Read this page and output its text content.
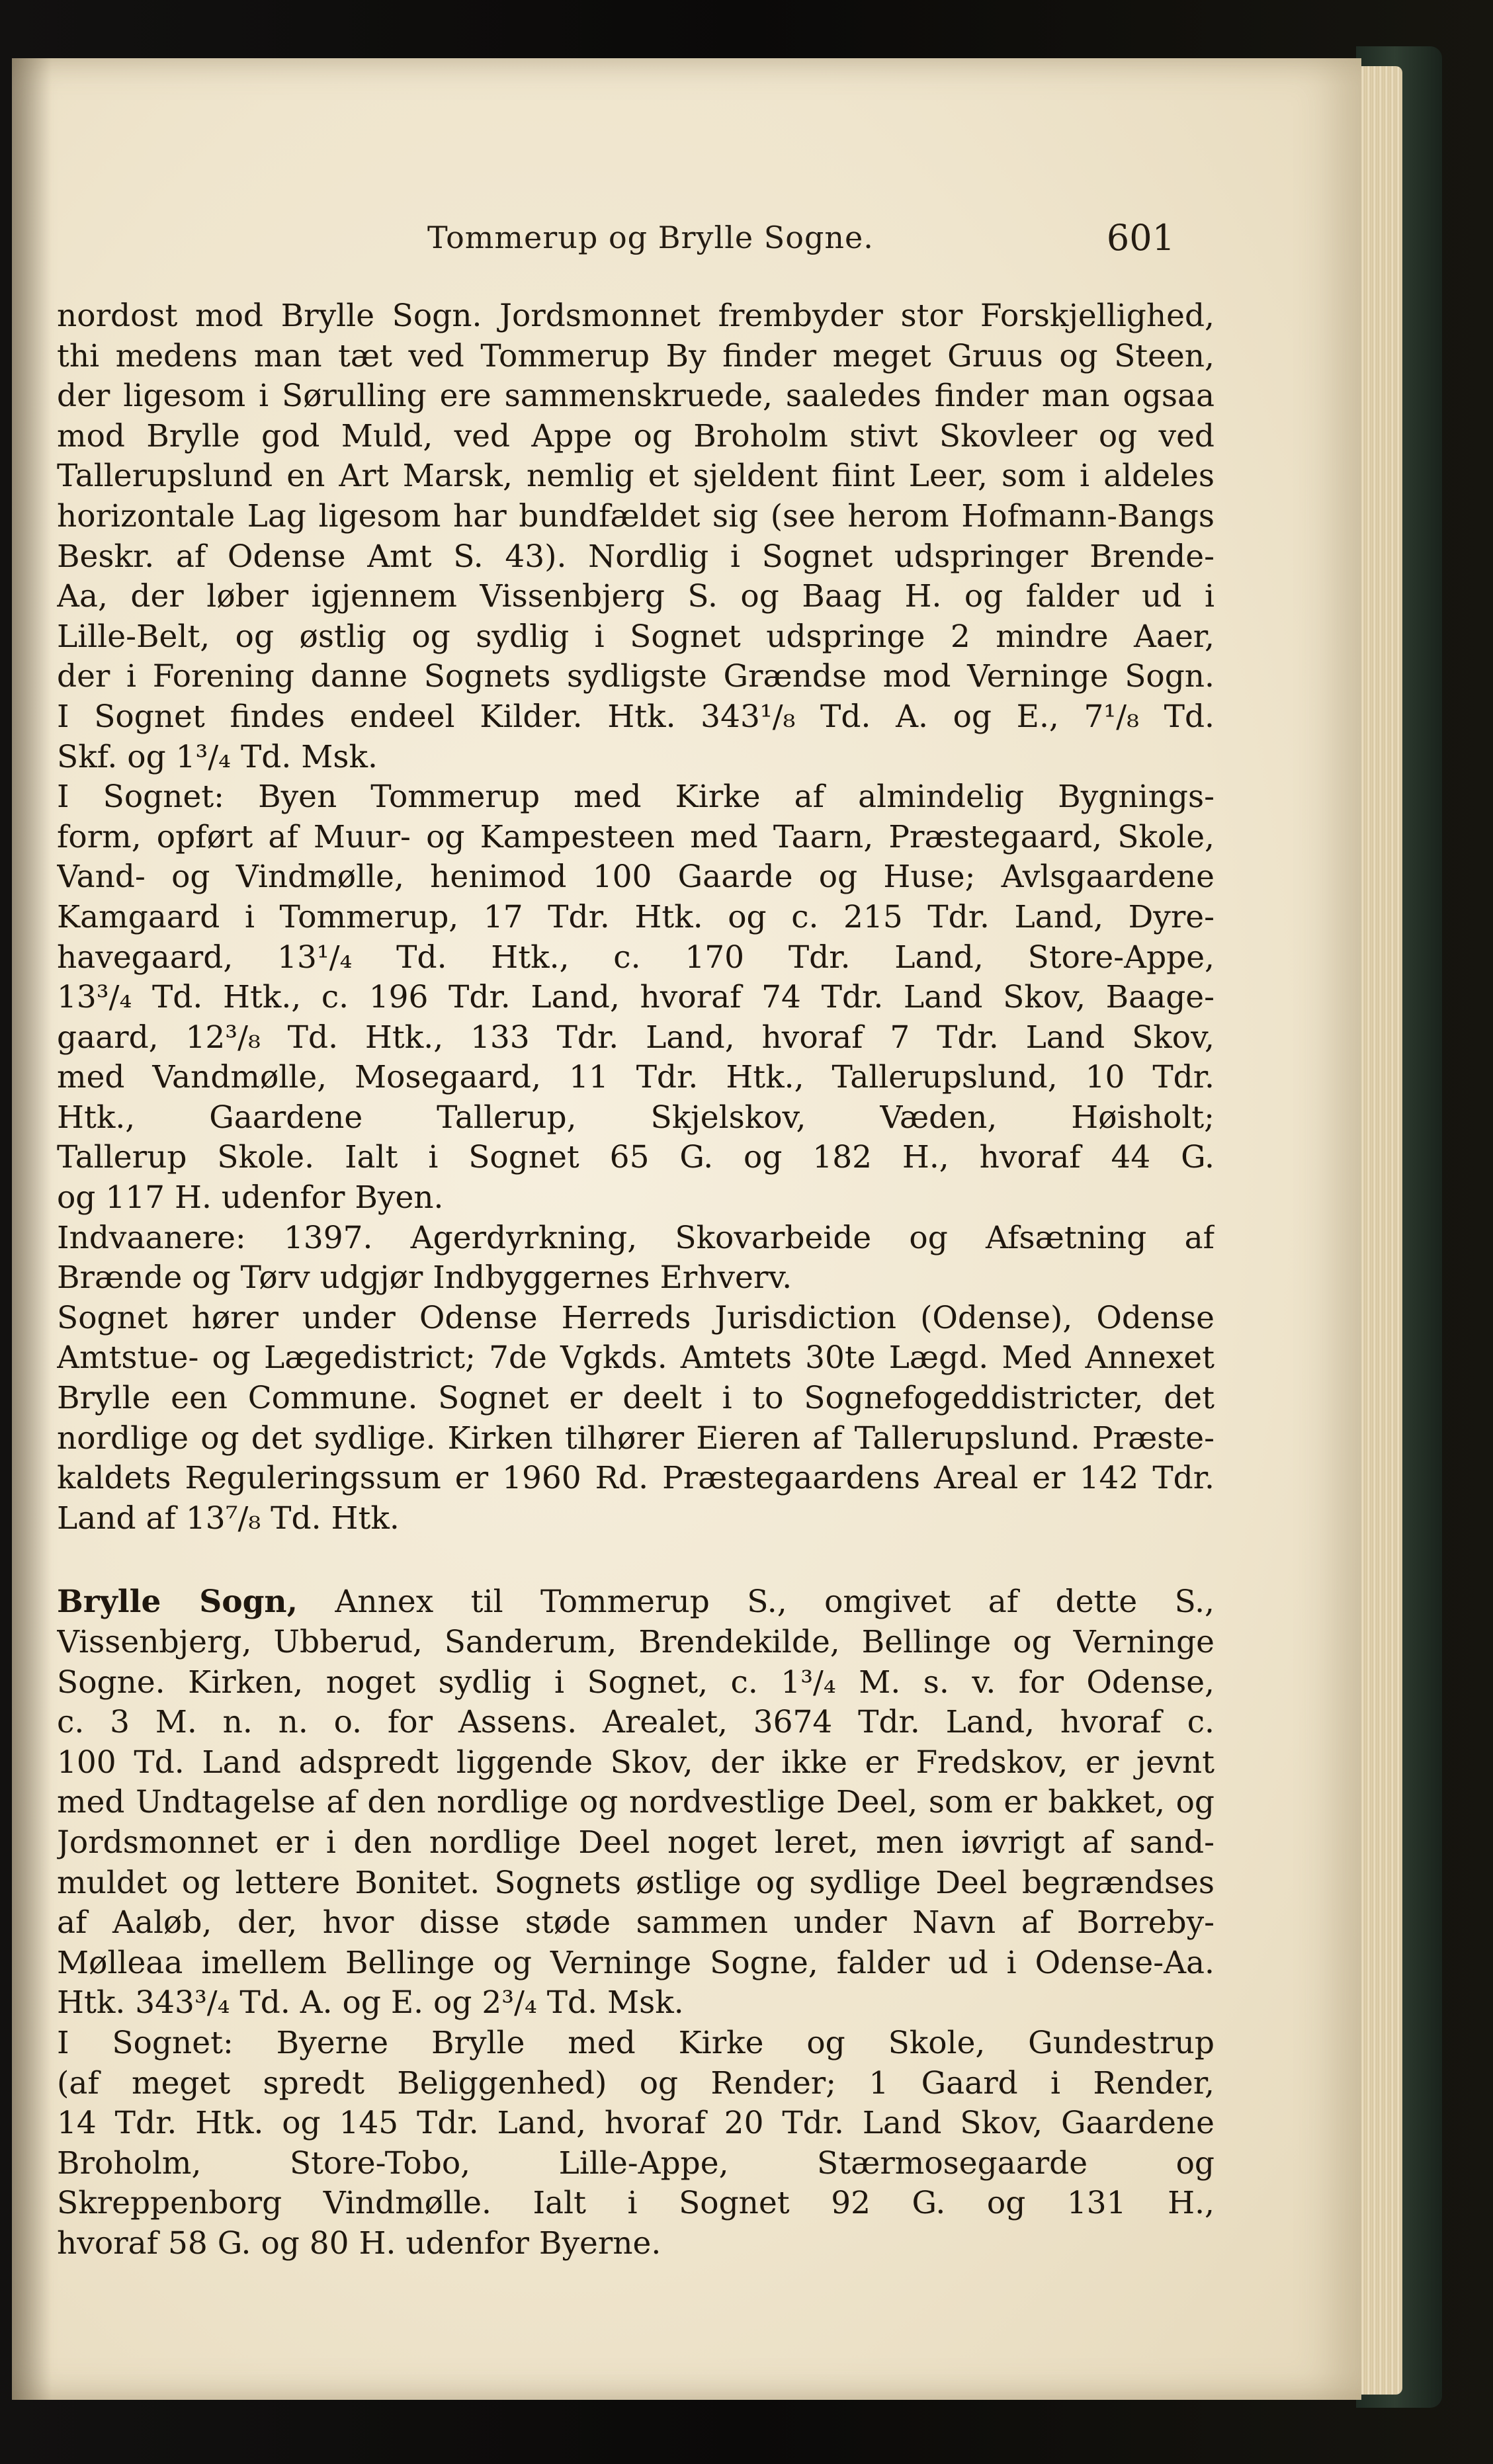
Tommerup og Brylle Sogne.	601
nordost mod Brylle Sogn. Jordsmonnet frembyder stor Forskjellighed,
thi medens man tæt ved Tommerup By finder meget Gruus og Steen,
der ligesom i Sørulling ere sammenskruede, saaledes finder man ogsaa
mod Brylle god Muld, ved Appe og Broholm stivt Skovleer og ved
Tallerupslund en Art Marsk, nemlig et sjeldent fiint Leer, som i aldeles
horizontale Lag ligesom har bundfældet sig (see herom Hofmann-Bangs
Beskr. af Odense Amt S. 43). Nordlig i Sognet udspringer Brende-
Aa, der løber igjennem Vissenbjerg S. og Baag H. og falder ud i
Lille-Belt, og østlig og sydlig i Sognet udspringe 2 mindre Aaer,
der i Forening danne Sognets sydligste Grændse mod Verninge Sogn.
I Sognet findes endeel Kilder. Htk. 343¹/₈ Td. A. og E., 7¹/₈ Td.
Skf. og 1³/₄ Td. Msk.
I Sognet: Byen Tommerup med Kirke af almindelig Bygnings-
form, opført af Muur- og Kampesteen med Taarn, Præstegaard, Skole,
Vand- og Vindmølle, henimod 100 Gaarde og Huse; Avlsgaardene
Kamgaard i Tommerup, 17 Tdr. Htk. og c. 215 Tdr. Land, Dyre-
havegaard, 13¹/₄ Td. Htk., c. 170 Tdr. Land, Store-Appe,
13³/₄ Td. Htk., c. 196 Tdr. Land, hvoraf 74 Tdr. Land Skov, Baage-
gaard, 12³/₈ Td. Htk., 133 Tdr. Land, hvoraf 7 Tdr. Land Skov,
med Vandmølle, Mosegaard, 11 Tdr. Htk., Tallerupslund, 10 Tdr.
Htk., Gaardene Tallerup, Skjelskov, Væden, Høisholt;
Tallerup Skole. Ialt i Sognet 65 G. og 182 H., hvoraf 44 G.
og 117 H. udenfor Byen.
Indvaanere: 1397. Agerdyrkning, Skovarbeide og Afsætning af
Brænde og Tørv udgjør Indbyggernes Erhverv.
Sognet hører under Odense Herreds Jurisdiction (Odense), Odense
Amtstue- og Lægedistrict; 7de Vgkds. Amtets 30te Lægd. Med Annexet
Brylle een Commune. Sognet er deelt i to Sognefogeddistricter, det
nordlige og det sydlige. Kirken tilhører Eieren af Tallerupslund. Præste-
kaldets Reguleringssum er 1960 Rd. Præstegaardens Areal er 142 Tdr.
Land af 13⁷/₈ Td. Htk.
Brylle Sogn, Annex til Tommerup S., omgivet af dette S.,
Vissenbjerg, Ubberud, Sanderum, Brendekilde, Bellinge og Verninge
Sogne. Kirken, noget sydlig i Sognet, c. 1³/₄ M. s. v. for Odense,
c. 3 M. n. n. o. for Assens. Arealet, 3674 Tdr. Land, hvoraf c.
100 Td. Land adspredt liggende Skov, der ikke er Fredskov, er jevnt
med Undtagelse af den nordlige og nordvestlige Deel, som er bakket, og
Jordsmonnet er i den nordlige Deel noget leret, men iøvrigt af sand-
muldet og lettere Bonitet. Sognets østlige og sydlige Deel begrændses
af Aaløb, der, hvor disse støde sammen under Navn af Borreby-
Mølleaa imellem Bellinge og Verninge Sogne, falder ud i Odense-Aa.
Htk. 343³/₄ Td. A. og E. og 2³/₄ Td. Msk.
I Sognet: Byerne Brylle med Kirke og Skole, Gundestrup
(af meget spredt Beliggenhed) og Render; 1 Gaard i Render,
14 Tdr. Htk. og 145 Tdr. Land, hvoraf 20 Tdr. Land Skov, Gaardene
Broholm, Store-Tobo, Lille-Appe, Stærmosegaarde og
Skreppenborg Vindmølle. Ialt i Sognet 92 G. og 131 H.,
hvoraf 58 G. og 80 H. udenfor Byerne.
